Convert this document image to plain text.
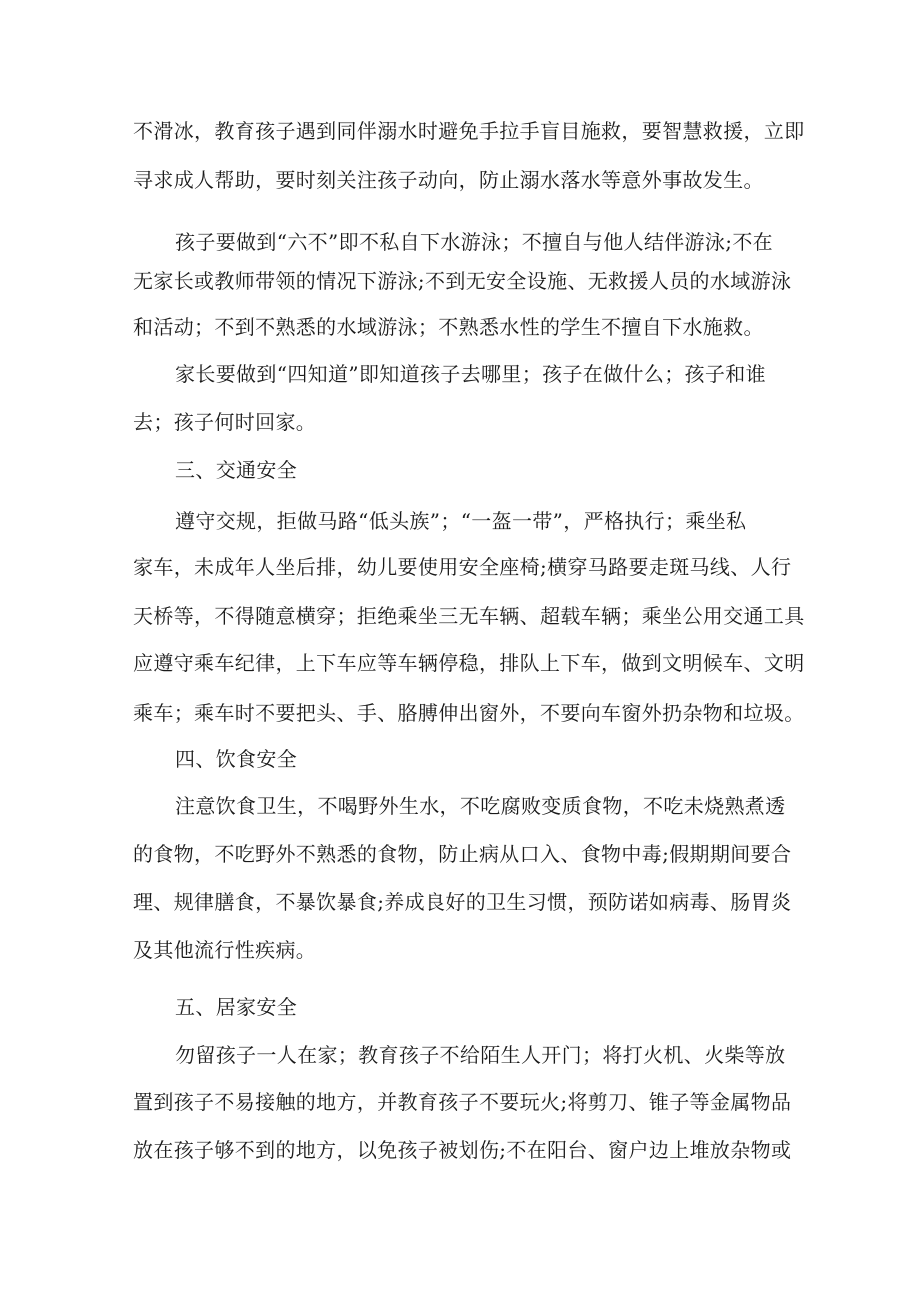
不滑冰，教育孩子遇到同伴溺水时避免手拉手盲目施救，要智慧救援，立即
寻求成人帮助，要时刻关注孩子动向，防止溺水落水等意外事故发生。
孩子要做到“六不”即不私自下水游泳；不擅自与他人结伴游泳;不在
无家长或教师带领的情况下游泳;不到无安全设施、无救援人员的水域游泳
和活动；不到不熟悉的水域游泳；不熟悉水性的学生不擅自下水施救。
家长要做到“四知道”即知道孩子去哪里；孩子在做什么；孩子和谁
去；孩子何时回家。
三、交通安全
遵守交规，拒做马路“低头族”；“一盔一带”，严格执行；乘坐私
家车，未成年人坐后排，幼儿要使用安全座椅;横穿马路要走斑马线、人行
天桥等，不得随意横穿；拒绝乘坐三无车辆、超载车辆；乘坐公用交通工具
应遵守乘车纪律，上下车应等车辆停稳，排队上下车，做到文明候车、文明
乘车；乘车时不要把头、手、胳膊伸出窗外，不要向车窗外扔杂物和垃圾。
四、饮食安全
注意饮食卫生，不喝野外生水，不吃腐败变质食物，不吃未烧熟煮透
的食物，不吃野外不熟悉的食物，防止病从口入、食物中毒;假期期间要合
理、规律膳食，不暴饮暴食;养成良好的卫生习惯，预防诺如病毒、肠胃炎
及其他流行性疾病。
五、居家安全
勿留孩子一人在家；教育孩子不给陌生人开门；将打火机、火柴等放
置到孩子不易接触的地方，并教育孩子不要玩火;将剪刀、锥子等金属物品
放在孩子够不到的地方，以免孩子被划伤;不在阳台、窗户边上堆放杂物或
